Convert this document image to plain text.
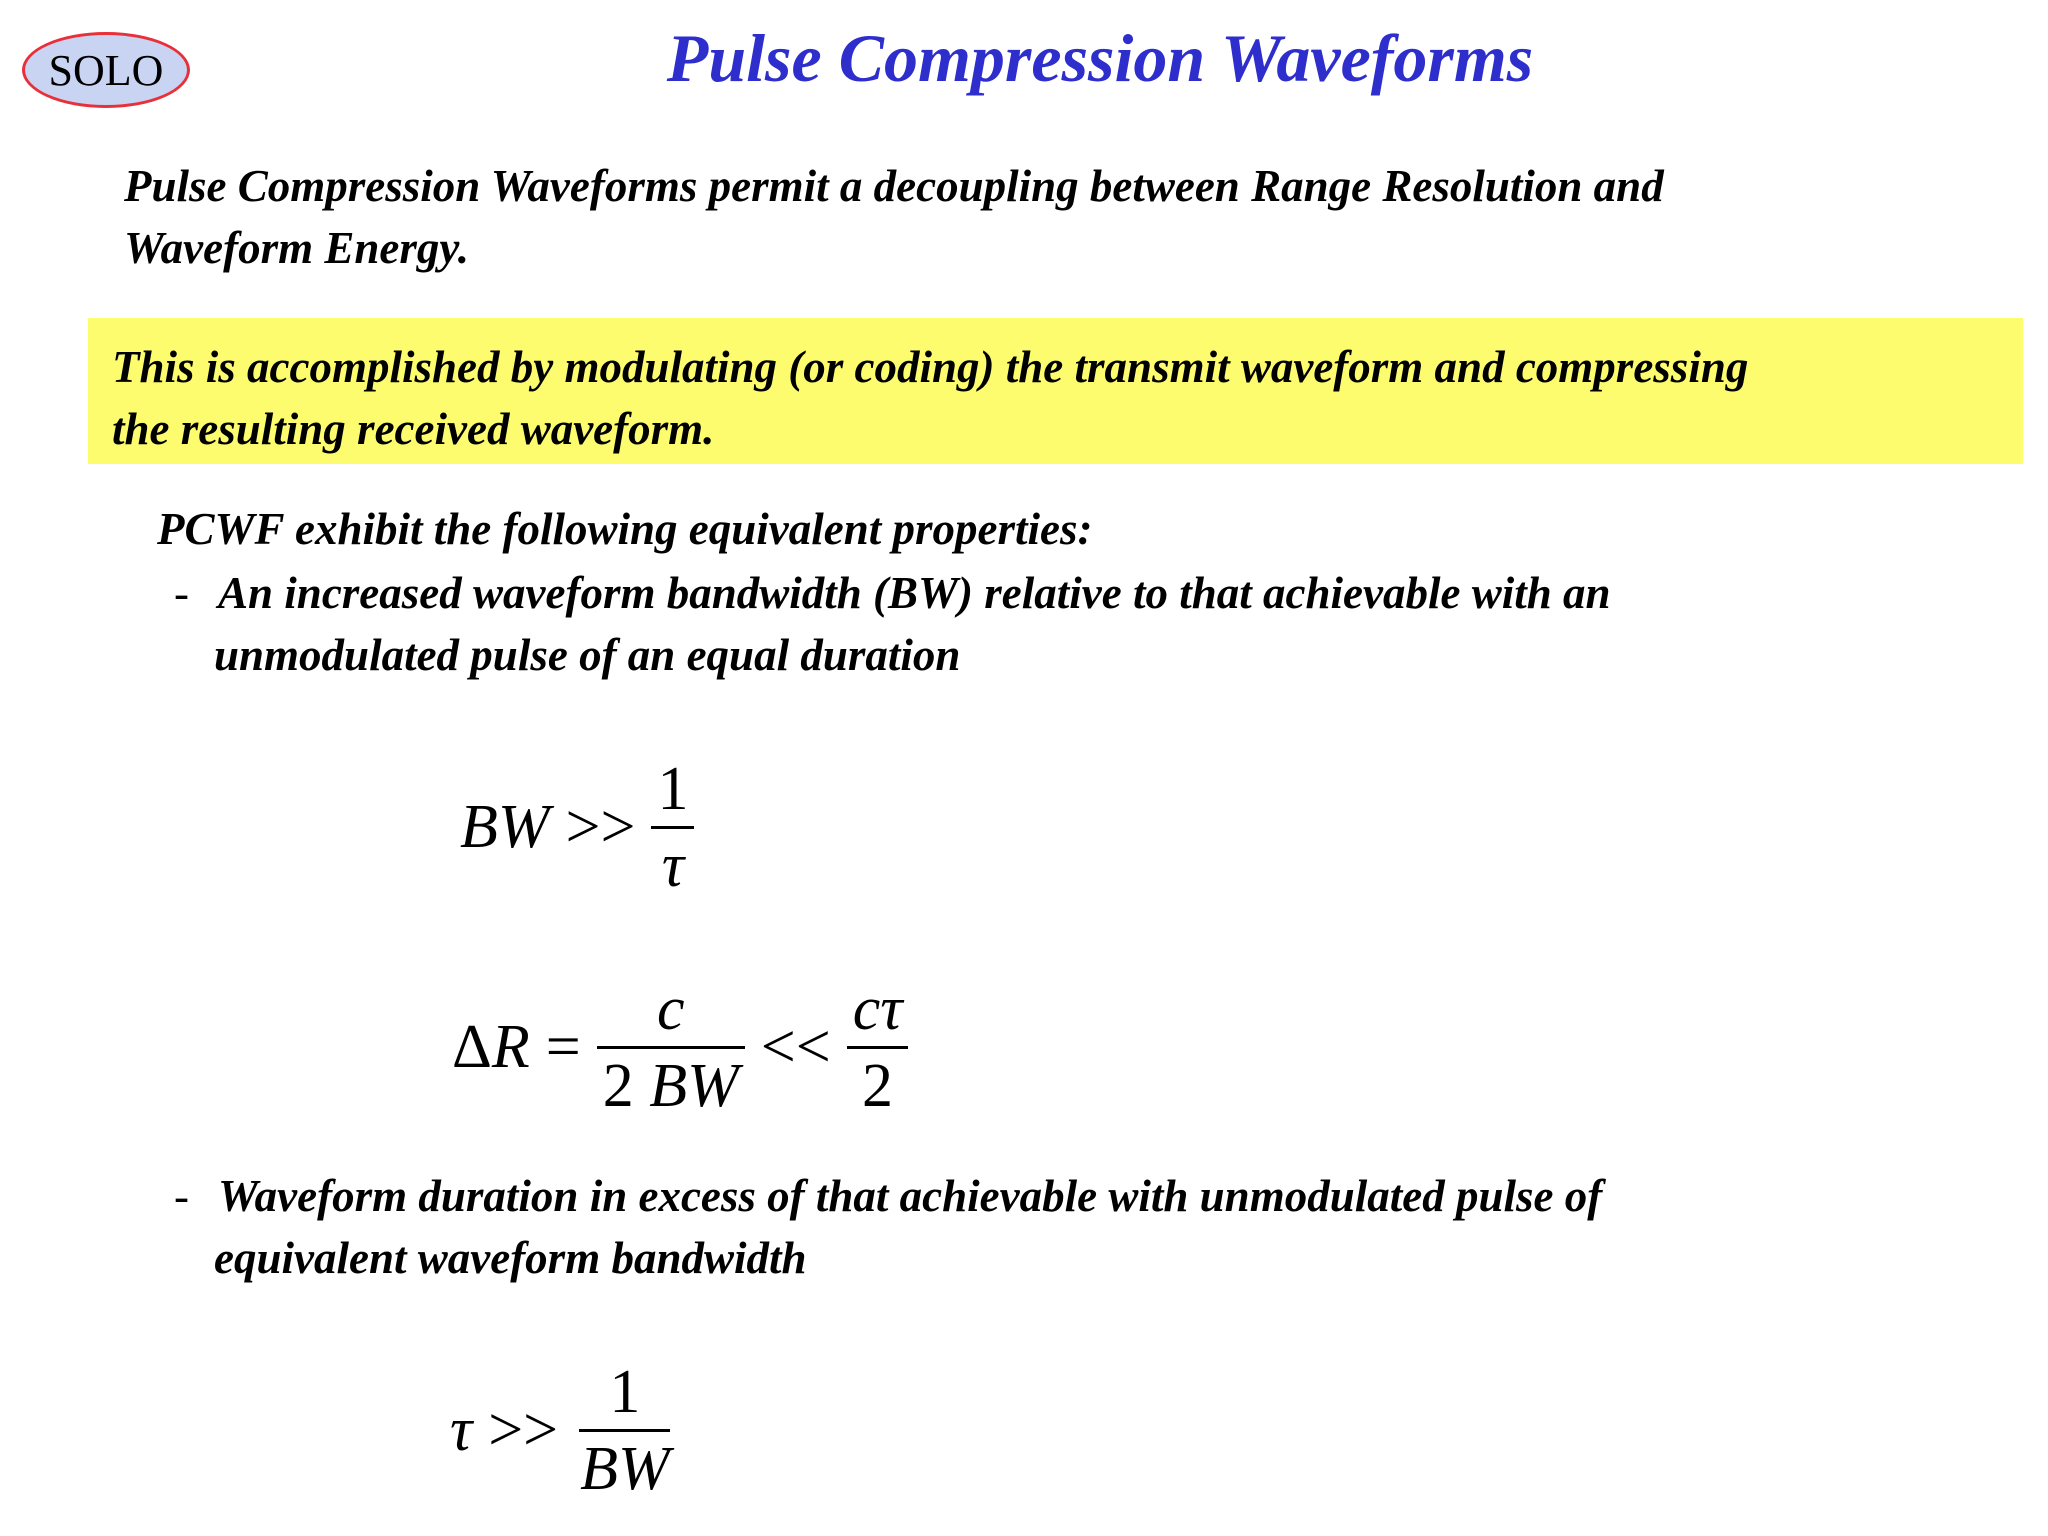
SOLO	Pulse Compression Waveforms
Pulse Compression Waveforms permit a decoupling between Range Resolution and
Waveform Energy.
This is accomplished by modulating (or coding) the transmit waveform and compressing
the resulting received waveform.
PCWF exhibit the following equivalent properties:
- An increased waveform bandwidth (BW) relative to that achievable with an
unmodulated pulse of an equal duration
BW >> $\frac{1}{\tau}$
Δ $R = \frac{c}{2 BW} << \frac{c\tau}{2}$
- Waveform duration in excess of that achievable with unmodulated pulse of
equivalent waveform bandwidth
$\tau >> \frac{1}{BW}$
